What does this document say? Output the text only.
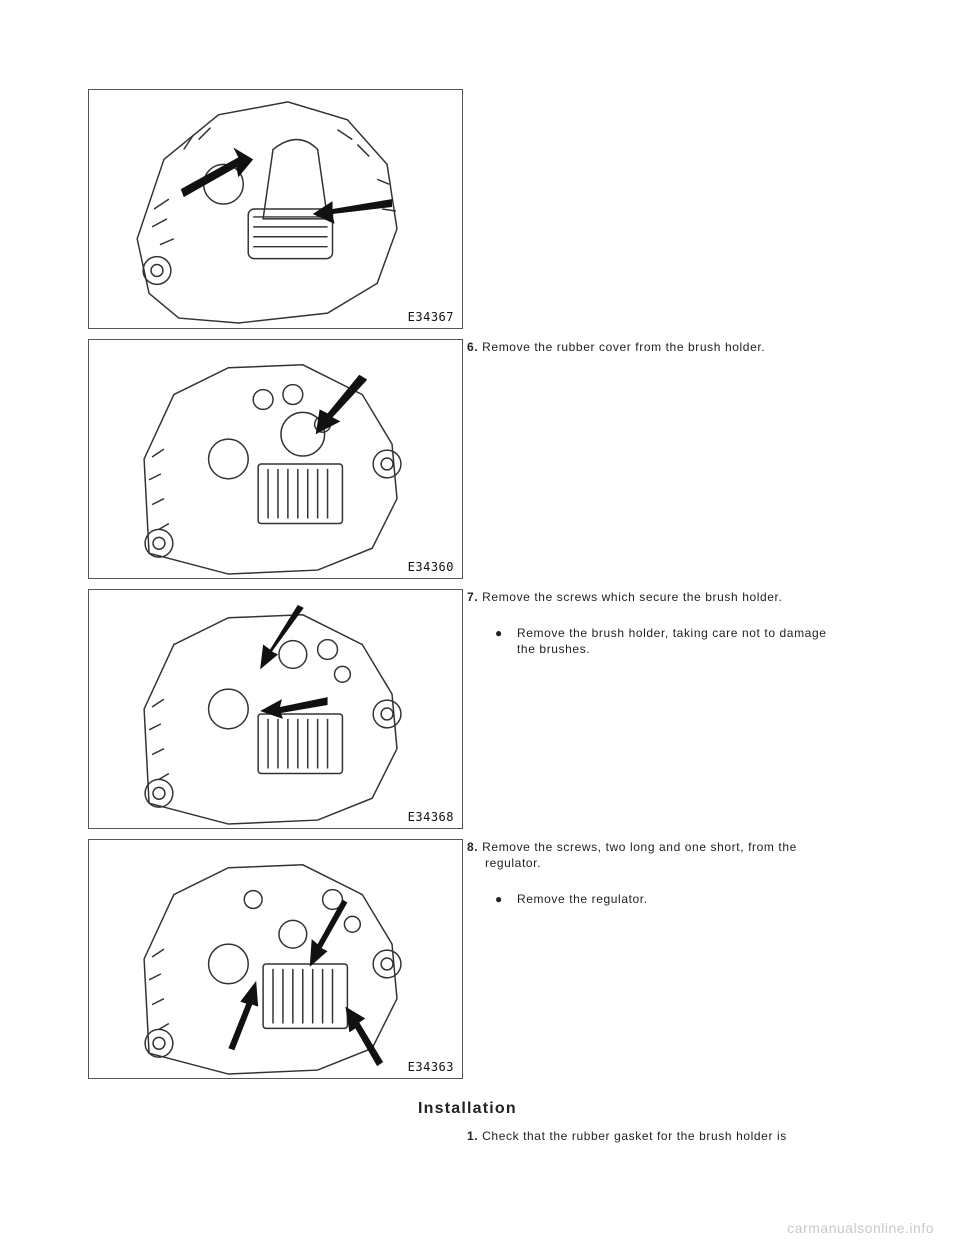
E34367
E34360
E34368
E34363
6. Remove the rubber cover from the brush holder.
7. Remove the screws which secure the brush holder.
●	Remove the brush holder, taking care not to damage
the brushes.
8. Remove the screws, two long and one short, from the
regulator.
●	Remove the regulator.
Installation
1. Check that the rubber gasket for the brush holder is
carmanualsonline.info
